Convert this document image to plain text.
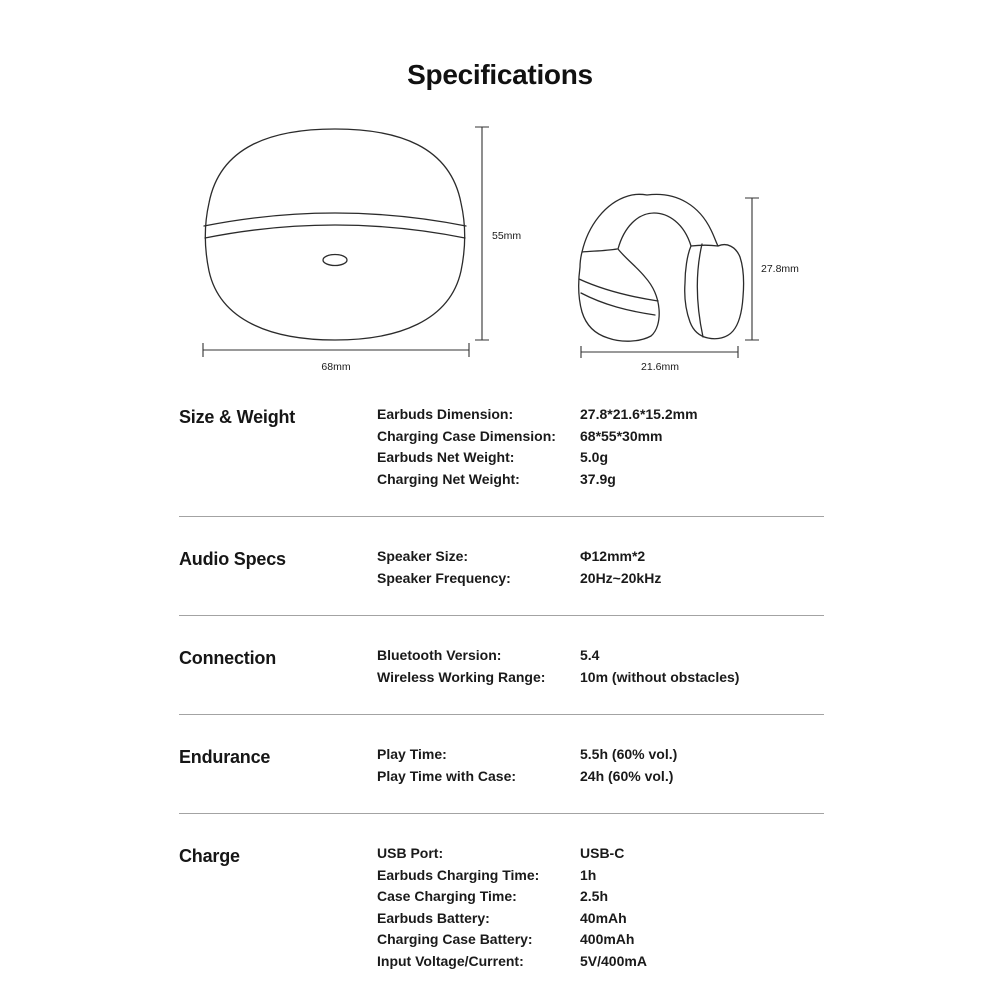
Specifications
55mm
68mm
27.8mm
21.6mm
Size & Weight	Earbuds Dimension:	27.8*21.6*15.2mm
Charging Case Dimension:	68*55*30mm
Earbuds Net Weight:	5.0g
Charging Net Weight:	37.9g
Audio Specs	Speaker Size:	Φ12mm*2
Speaker Frequency:	20Hz~20kHz
Connection	Bluetooth Version:	5.4
Wireless Working Range:	10m (without obstacles)
Endurance	Play Time:	5.5h (60% vol.)
Play Time with Case:	24h (60% vol.)
Charge	USB Port:	USB-C
Earbuds Charging Time:	1h
Case Charging Time:	2.5h
Earbuds Battery:	40mAh
Charging Case Battery:	400mAh
Input Voltage/Current:	5V/400mA
